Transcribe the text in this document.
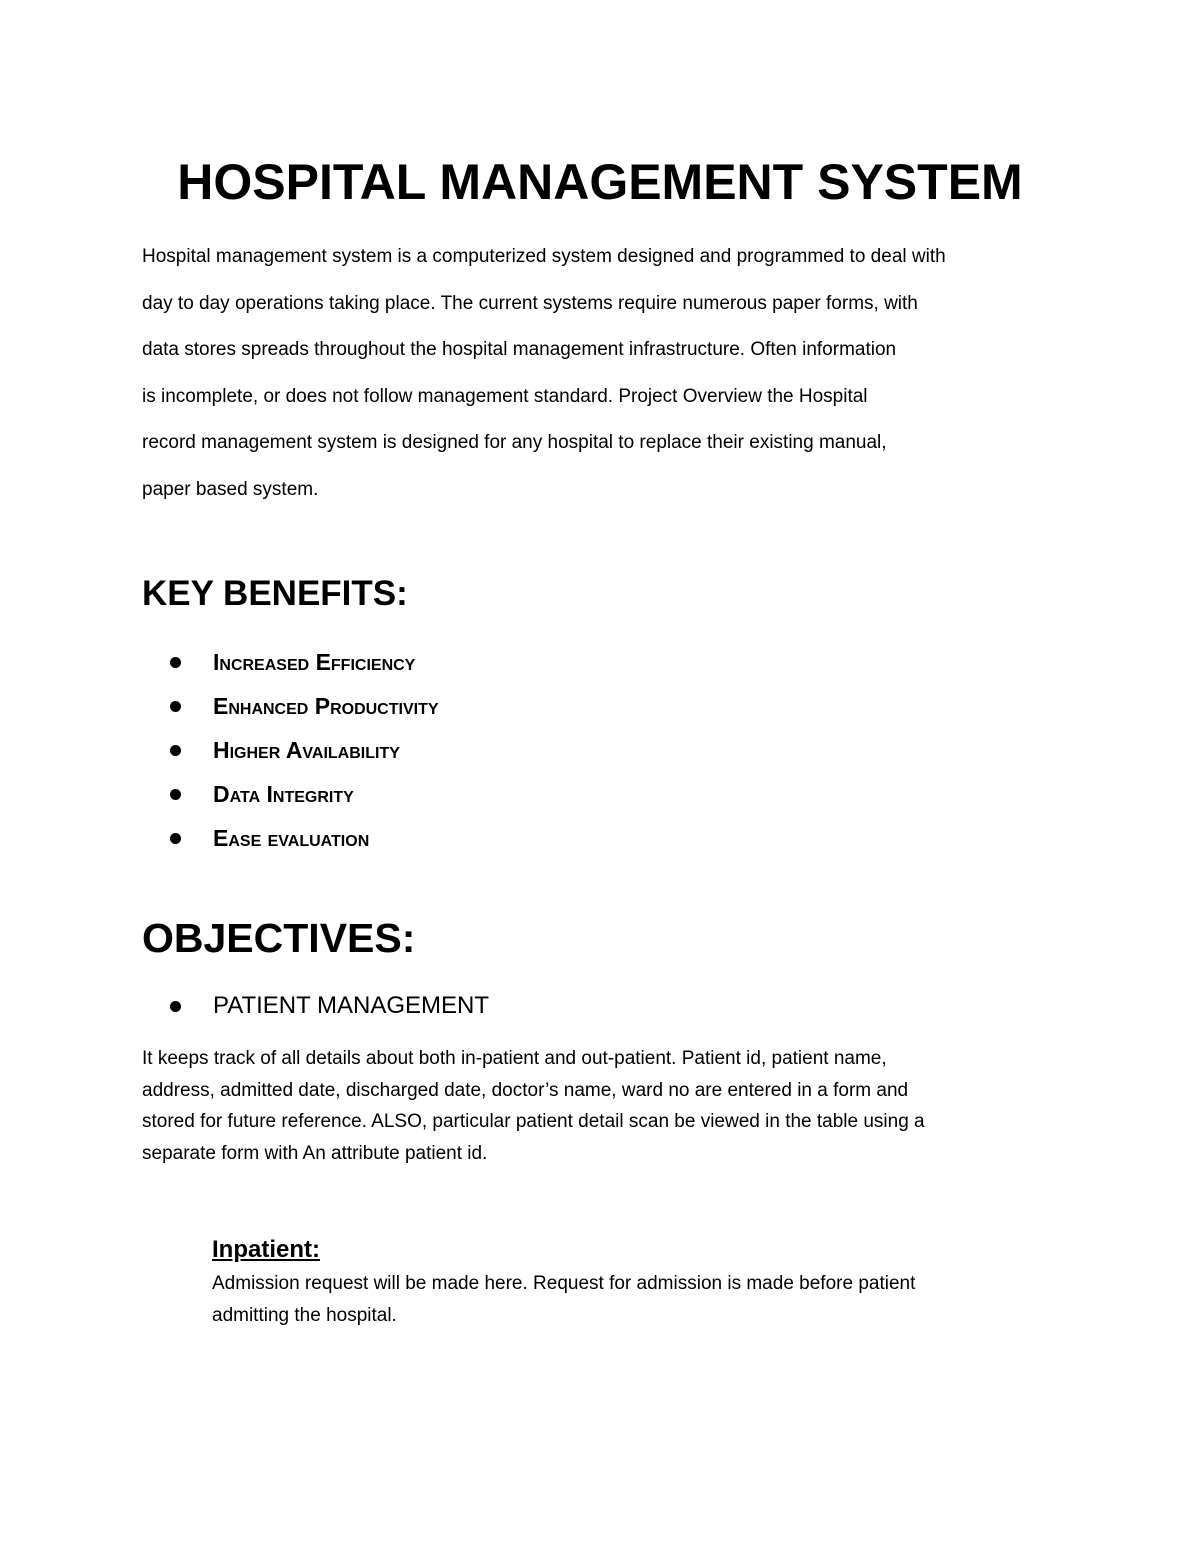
HOSPITAL MANAGEMENT SYSTEM
Hospital management system is a computerized system designed and programmed to deal with
day to day operations taking place. The current systems require numerous paper forms, with
data stores spreads throughout the hospital management infrastructure. Often information
is incomplete, or does not follow management standard. Project Overview the Hospital
record management system is designed for any hospital to replace their existing manual,
paper based system.
KEY BENEFITS:
Increased Efficiency
Enhanced Productivity
Higher Availability
Data Integrity
Ease evaluation
OBJECTIVES:
PATIENT MANAGEMENT
It keeps track of all details about both in-patient and out-patient. Patient id, patient name,
address, admitted date, discharged date, doctor’s name, ward no are entered in a form and
stored for future reference. ALSO, particular patient detail scan be viewed in the table using a
separate form with An attribute patient id.
Inpatient:
Admission request will be made here. Request for admission is made before patient
admitting the hospital.
